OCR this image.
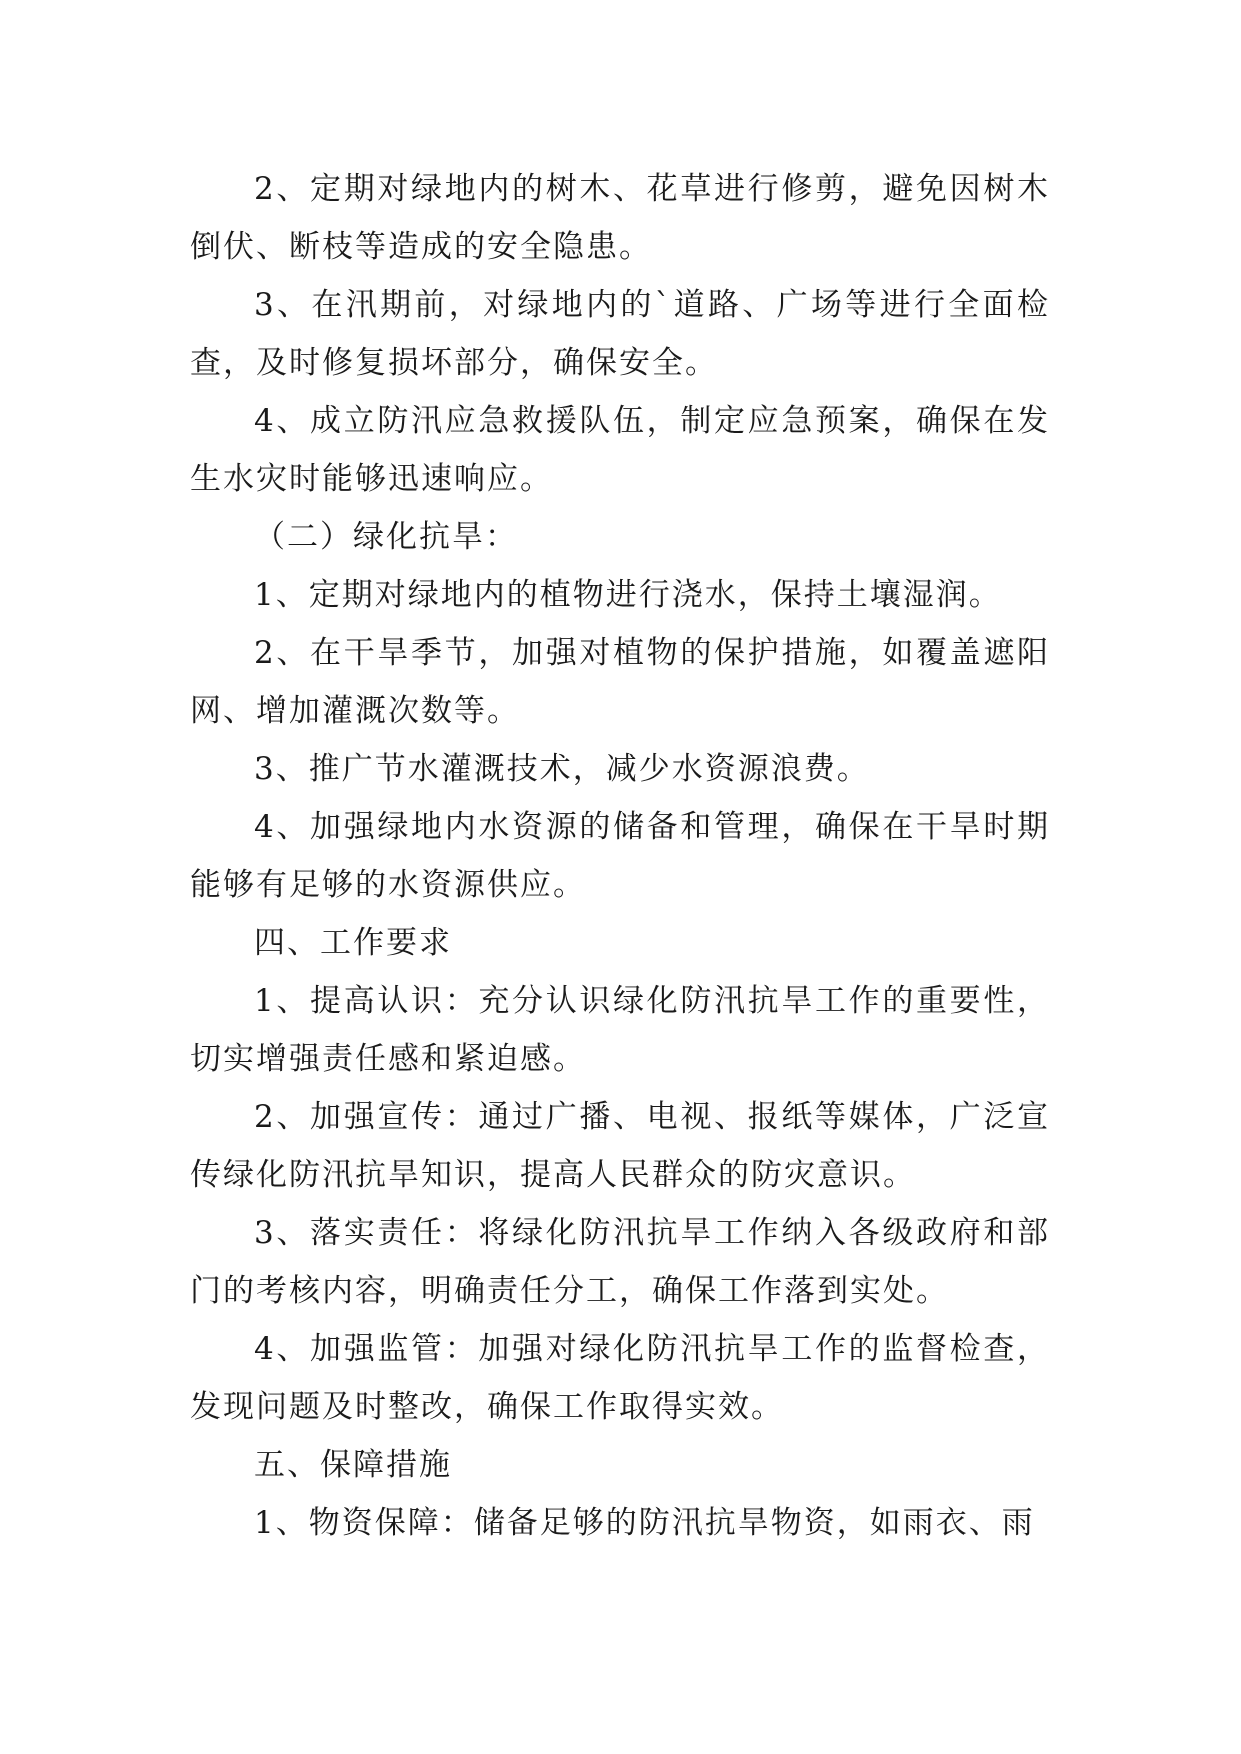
2、定期对绿地内的树木、花草进行修剪，避免因树木倒伏、断枝等造成的安全隐患。

3、在汛期前，对绿地内的`道路、广场等进行全面检查，及时修复损坏部分，确保安全。

4、成立防汛应急救援队伍，制定应急预案，确保在发生水灾时能够迅速响应。

（二）绿化抗旱：

1、定期对绿地内的植物进行浇水，保持土壤湿润。

2、在干旱季节，加强对植物的保护措施，如覆盖遮阳网、增加灌溉次数等。

3、推广节水灌溉技术，减少水资源浪费。

4、加强绿地内水资源的储备和管理，确保在干旱时期能够有足够的水资源供应。

四、工作要求

1、提高认识：充分认识绿化防汛抗旱工作的重要性，切实增强责任感和紧迫感。

2、加强宣传：通过广播、电视、报纸等媒体，广泛宣传绿化防汛抗旱知识，提高人民群众的防灾意识。

3、落实责任：将绿化防汛抗旱工作纳入各级政府和部门的考核内容，明确责任分工，确保工作落到实处。

4、加强监管：加强对绿化防汛抗旱工作的监督检查，发现问题及时整改，确保工作取得实效。

五、保障措施

1、物资保障：储备足够的防汛抗旱物资，如雨衣、雨
